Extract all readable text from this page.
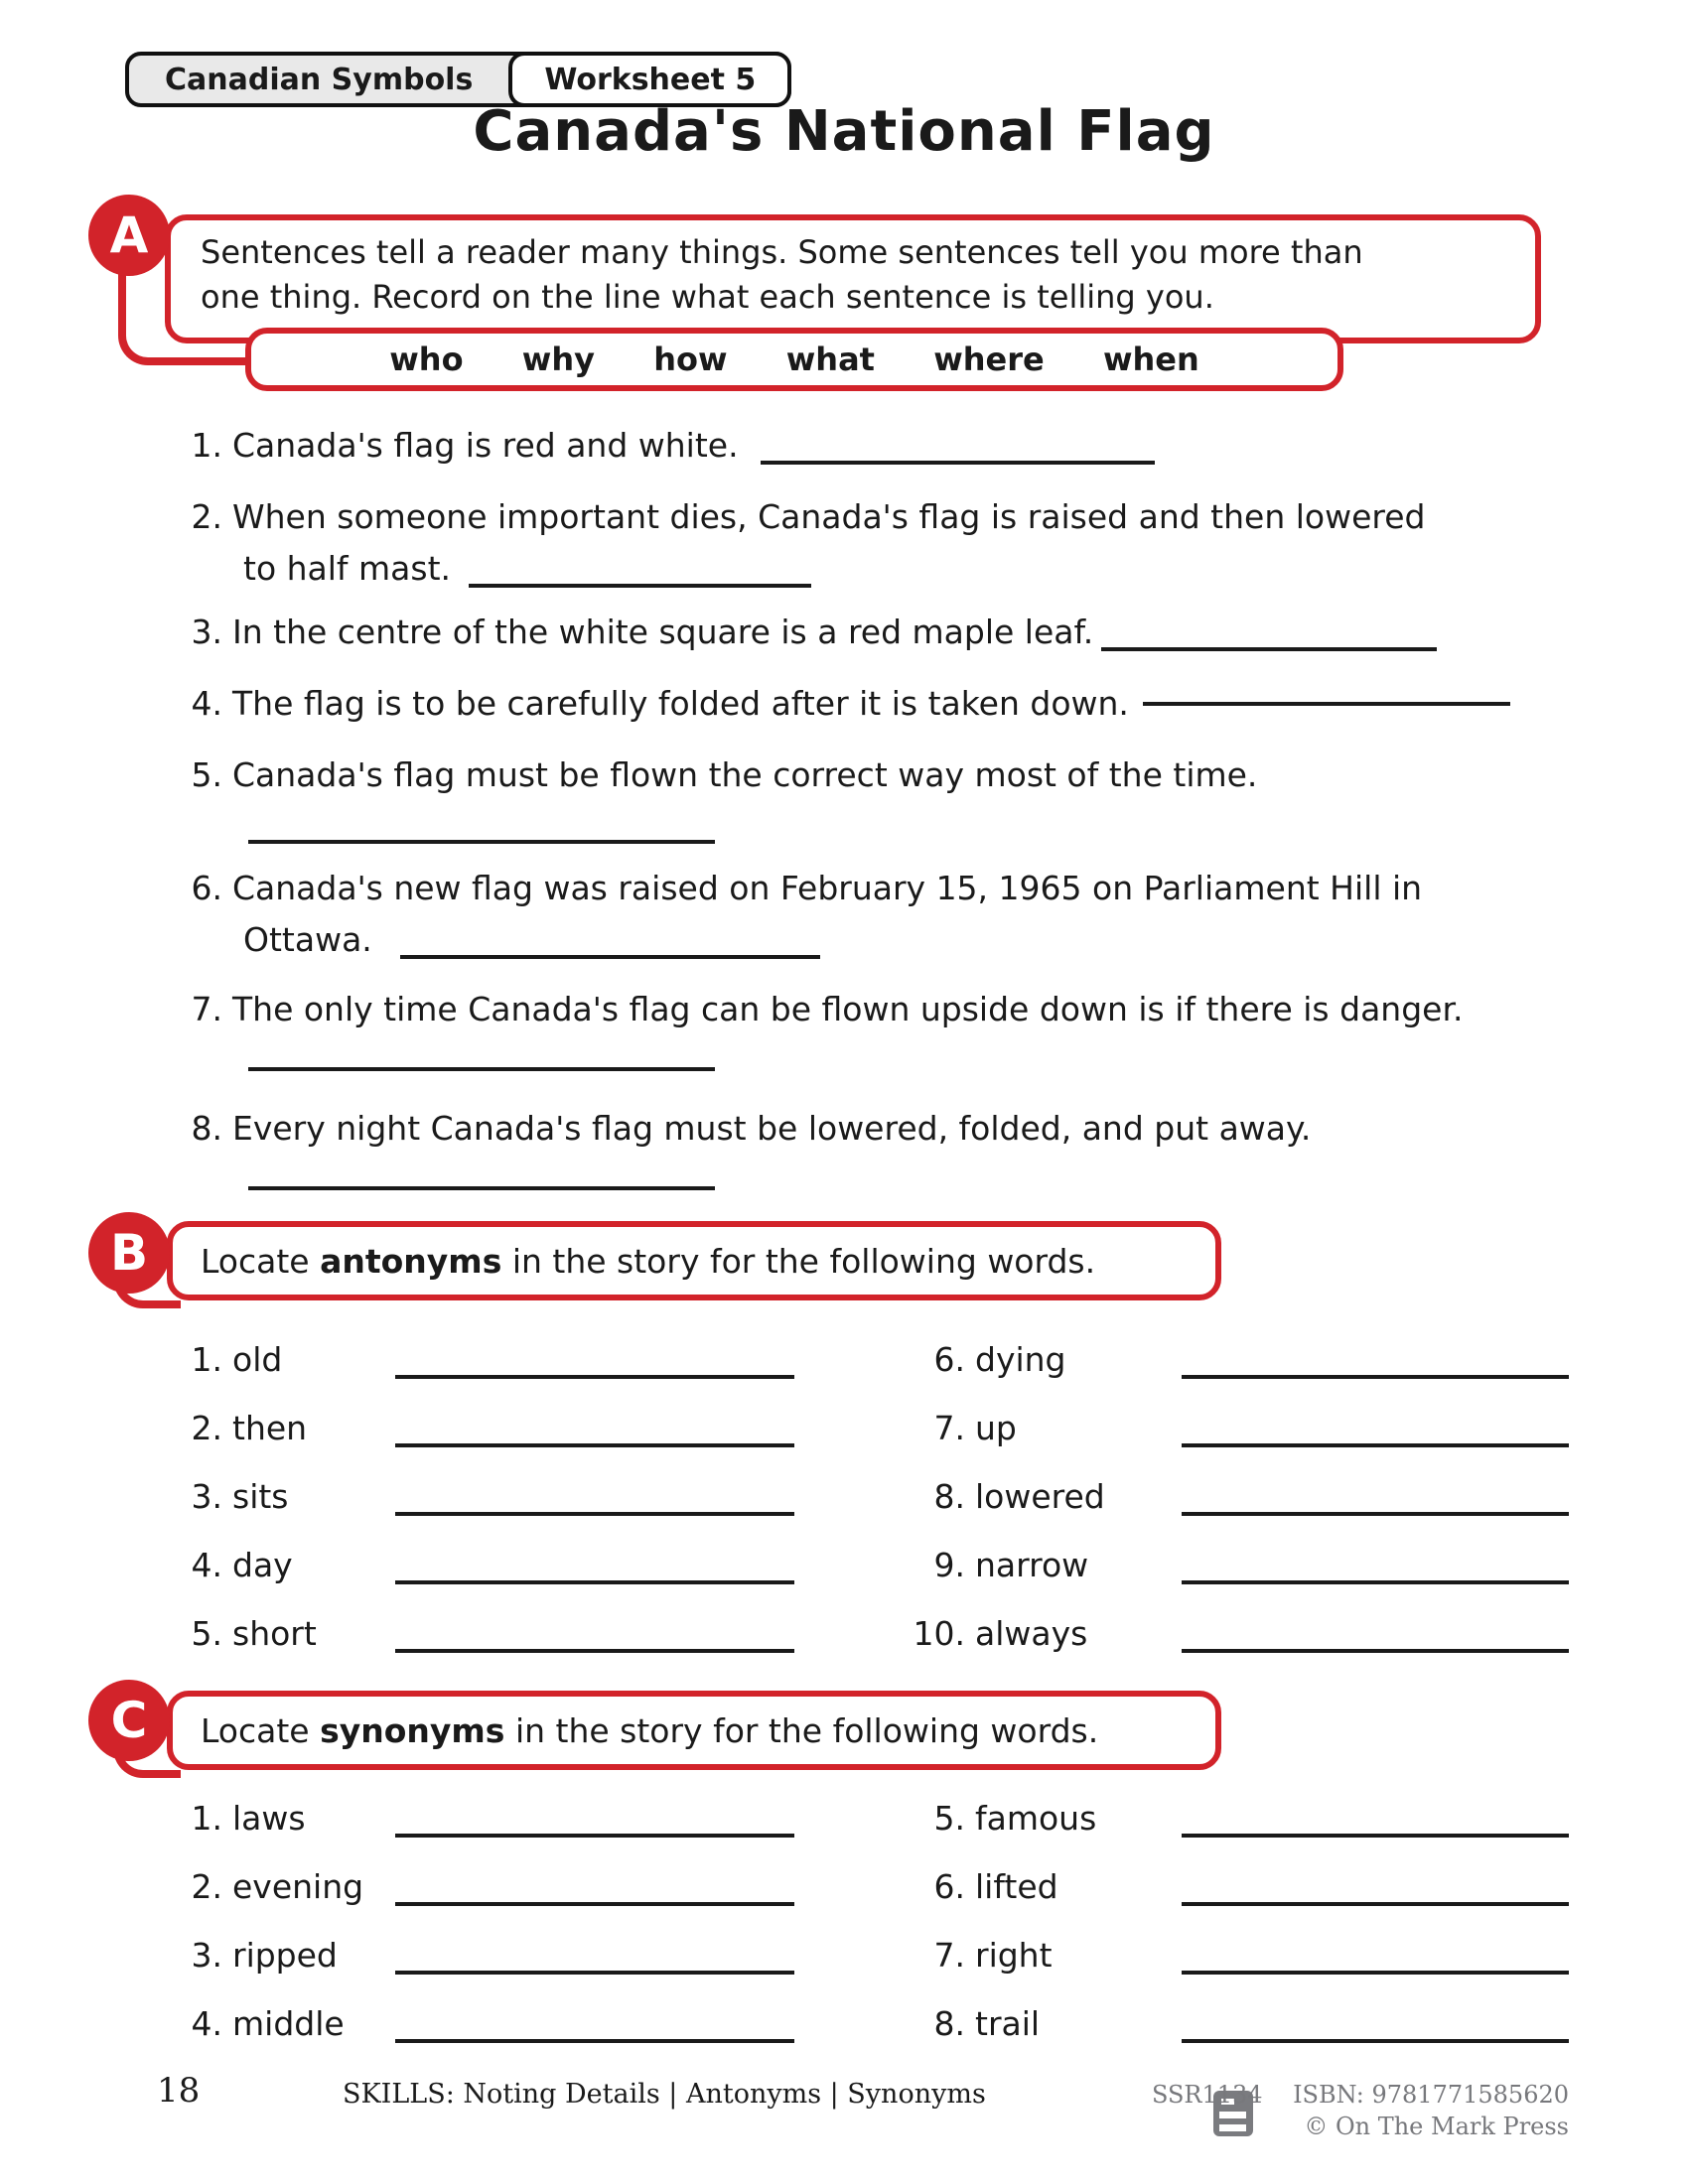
Canadian Symbols	Worksheet 5
Canada's National Flag
Sentences tell a reader many things. Some sentences tell you more than
one thing. Record on the line what each sentence is telling you.
A
who why how what where when
1. Canada's flag is red and white.
2. When someone important dies, Canada's flag is raised and then lowered
to half mast.
3. In the centre of the white square is a red maple leaf.
4. The flag is to be carefully folded after it is taken down.
5. Canada's flag must be flown the correct way most of the time.
6. Canada's new flag was raised on February 15, 1965 on Parliament Hill in
Ottawa.
7. The only time Canada's flag can be flown upside down is if there is danger.
8. Every night Canada's flag must be lowered, folded, and put away.
Locate antonyms in the story for the following words.
B
1. old
2. then
3. sits
4. day
5. short
6. dying
7. up
8. lowered
9. narrow
10. always
Locate synonyms in the story for the following words.
C
1. laws
2. evening
3. ripped
4. middle
5. famous
6. lifted
7. right
8. trail
18	SKILLS: Noting Details | Antonyms | Synonyms	SSR1134    ISBN: 9781771585620
© On The Mark Press
